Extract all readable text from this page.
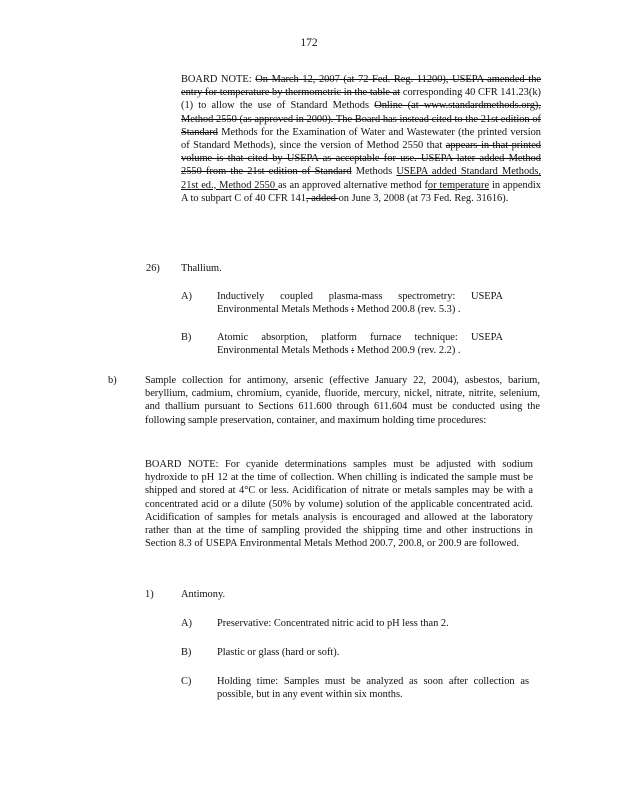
172
BOARD NOTE: On March 12, 2007 (at 72 Fed. Reg. 11200), USEPA amended the entry for temperature by thermometric in the table at corresponding 40 CFR 141.23(k)(1) to allow the use of Standard Methods Online (at www.standardmethods.org), Method 2550 (as approved in 2000). The Board has instead cited to the 21st edition of Standard Methods for the Examination of Water and Wastewater (the printed version of Standard Methods), since the version of Method 2550 that appears in that printed volume is that cited by USEPA as acceptable for use. USEPA later added Method 2550 from the 21st edition of Standard Methods USEPA added Standard Methods, 21st ed., Method 2550 as an approved alternative method for temperature in appendix A to subpart C of 40 CFR 141, added on June 3, 2008 (at 73 Fed. Reg. 31616).
26) Thallium.
A) Inductively coupled plasma-mass spectrometry: USEPA Environmental Metals Methods : Method 200.8 (rev. 5.3) .
B) Atomic absorption, platform furnace technique: USEPA Environmental Metals Methods : Method 200.9 (rev. 2.2) .
b)	Sample collection for antimony, arsenic (effective January 22, 2004), asbestos, barium, beryllium, cadmium, chromium, cyanide, fluoride, mercury, nickel, nitrate, nitrite, selenium, and thallium pursuant to Sections 611.600 through 611.604 must be conducted using the following sample preservation, container, and maximum holding time procedures:
BOARD NOTE: For cyanide determinations samples must be adjusted with sodium hydroxide to pH 12 at the time of collection. When chilling is indicated the sample must be shipped and stored at 4°C or less. Acidification of nitrate or metals samples may be with a concentrated acid or a dilute (50% by volume) solution of the applicable concentrated acid. Acidification of samples for metals analysis is encouraged and allowed at the laboratory rather than at the time of sampling provided the shipping time and other instructions in Section 8.3 of USEPA Environmental Metals Method 200.7, 200.8, or 200.9 are followed.
1)	Antimony.
A) Preservative: Concentrated nitric acid to pH less than 2.
B) Plastic or glass (hard or soft).
C) Holding time: Samples must be analyzed as soon after collection as possible, but in any event within six months.
